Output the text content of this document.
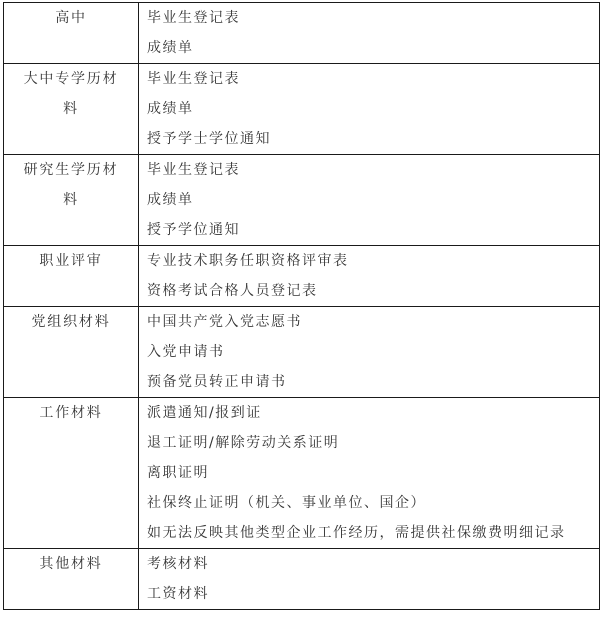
高中	毕业生登记表
成绩单

大中专学历材料	毕业生登记表
成绩单
授予学士学位通知

研究生学历材料	毕业生登记表
成绩单
授予学位通知

职业评审	专业技术职务任职资格评审表
资格考试合格人员登记表

党组织材料	中国共产党入党志愿书
入党申请书
预备党员转正申请书

工作材料	派遣通知/报到证
退工证明/解除劳动关系证明
离职证明
社保终止证明（机关、事业单位、国企）
如无法反映其他类型企业工作经历，需提供社保缴费明细记录

其他材料	考核材料
工资材料
